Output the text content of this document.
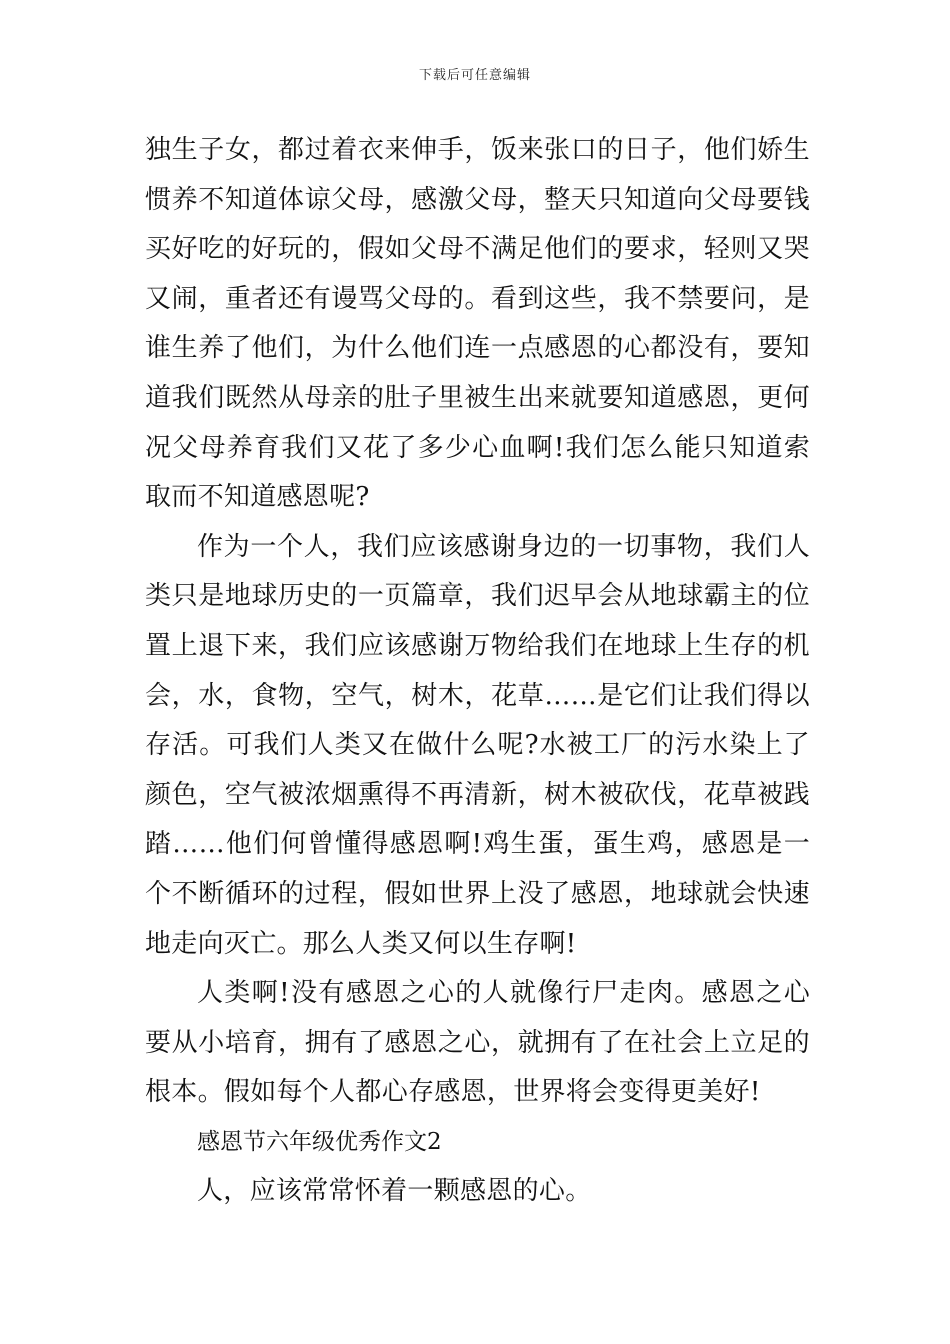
下载后可任意编辑

独生子女，都过着衣来伸手，饭来张口的日子，他们娇生惯养不知道体谅父母，感激父母，整天只知道向父母要钱买好吃的好玩的，假如父母不满足他们的要求，轻则又哭又闹，重者还有谩骂父母的。看到这些，我不禁要问，是谁生养了他们，为什么他们连一点感恩的心都没有，要知道我们既然从母亲的肚子里被生出来就要知道感恩，更何况父母养育我们又花了多少心血啊!我们怎么能只知道索取而不知道感恩呢?

作为一个人，我们应该感谢身边的一切事物，我们人类只是地球历史的一页篇章，我们迟早会从地球霸主的位置上退下来，我们应该感谢万物给我们在地球上生存的机会，水，食物，空气，树木，花草……是它们让我们得以存活。可我们人类又在做什么呢?水被工厂的污水染上了颜色，空气被浓烟熏得不再清新，树木被砍伐，花草被践踏……他们何曾懂得感恩啊!鸡生蛋，蛋生鸡，感恩是一个不断循环的过程，假如世界上没了感恩，地球就会快速地走向灭亡。那么人类又何以生存啊!

人类啊!没有感恩之心的人就像行尸走肉。感恩之心要从小培育，拥有了感恩之心，就拥有了在社会上立足的根本。假如每个人都心存感恩，世界将会变得更美好!

感恩节六年级优秀作文2

人，应该常常怀着一颗感恩的心。
